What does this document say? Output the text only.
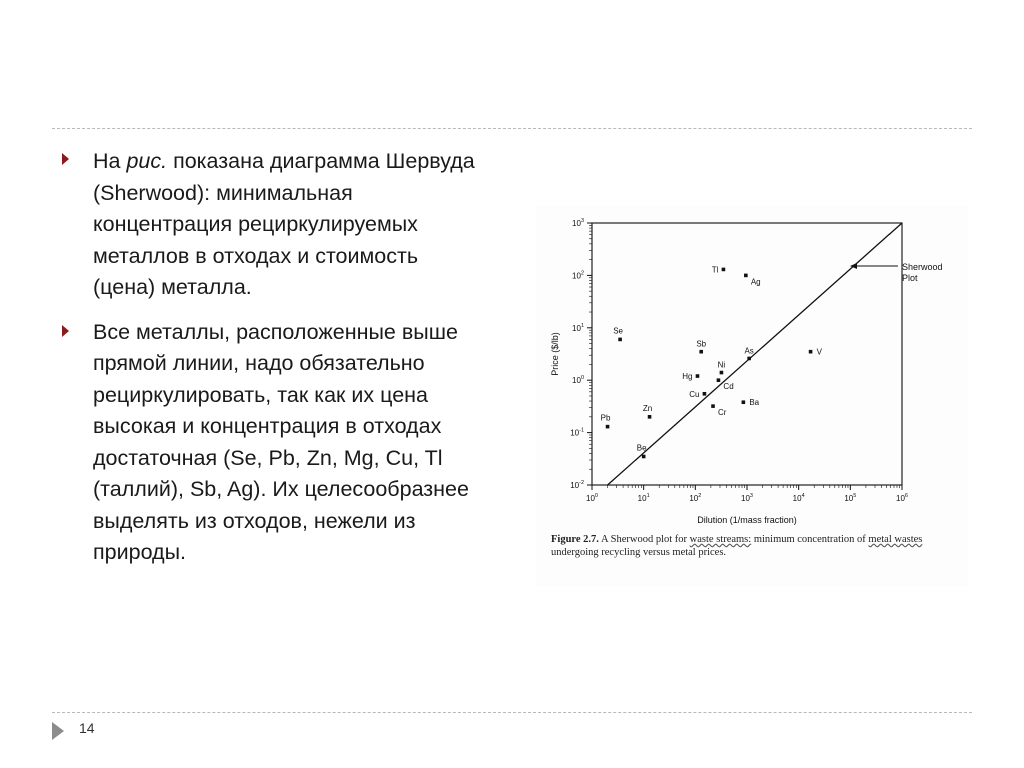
На рис. показана диаграмма Шервуда (Sherwood): минимальная концентрация рециркулируемых металлов в отходах и стоимость (цена) металла.
Все металлы, расположенные выше прямой линии, надо обязательно рециркулировать, так как их цена высокая и концентрация в отходах достаточная (Se, Pb, Zn, Mg, Cu, Tl (таллий), Sb, Ag). Их целесообразнее выделять из отходов, нежели из природы.
$10^0$	$10^1$	$10^2$	$10^3$	$10^4$	$10^5$	$10^6$
$10^{-2}$
$10^{-1}$
$10^0$
$10^1$
$10^2$
$10^3$
Tl
Ag
Se
Sb
As	V
Ni
Hg
Cd
Cu
Ba
Cr
Zn
Pb
Be
Sherwood
Plot
Price ($/lb)
Dilution (1/mass fraction)
Figure 2.7. A Sherwood plot for waste streams: minimum concentration of metal wastes undergoing recycling versus metal prices.
14
